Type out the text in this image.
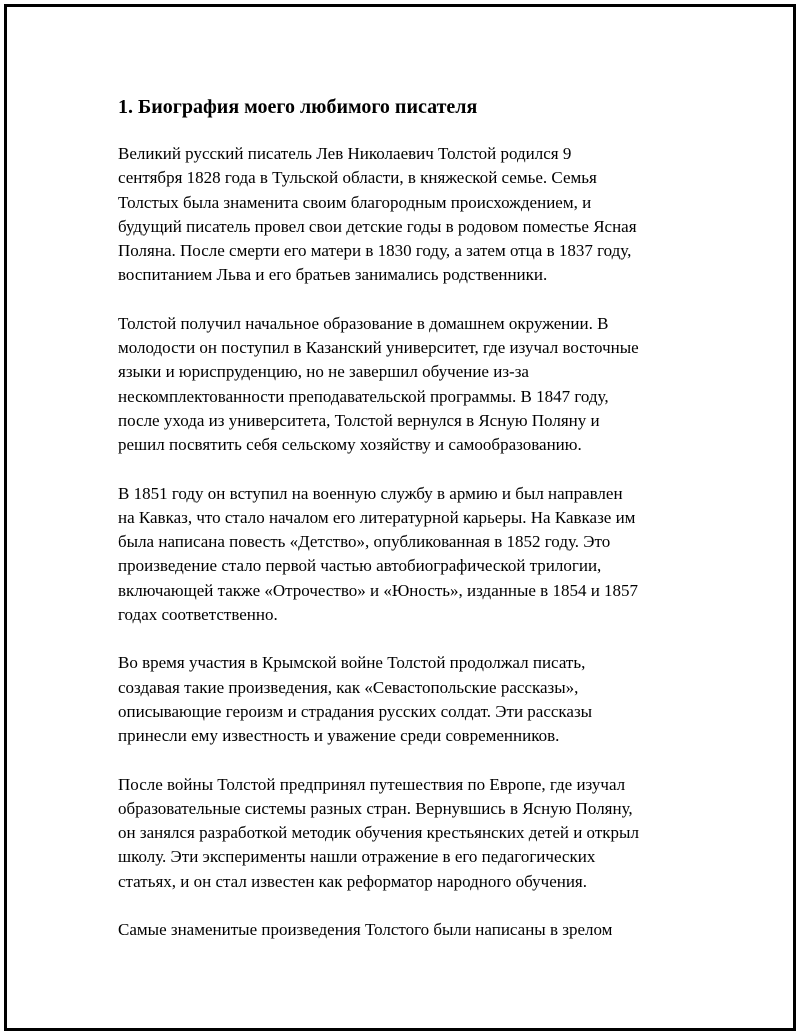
1. Биография моего любимого писателя

Великий русский писатель Лев Николаевич Толстой родился 9
сентября 1828 года в Тульской области, в княжеской семье. Семья
Толстых была знаменита своим благородным происхождением, и
будущий писатель провел свои детские годы в родовом поместье Ясная
Поляна. После смерти его матери в 1830 году, а затем отца в 1837 году,
воспитанием Льва и его братьев занимались родственники.

Толстой получил начальное образование в домашнем окружении. В
молодости он поступил в Казанский университет, где изучал восточные
языки и юриспруденцию, но не завершил обучение из-за
нескомплектованности преподавательской программы. В 1847 году,
после ухода из университета, Толстой вернулся в Ясную Поляну и
решил посвятить себя сельскому хозяйству и самообразованию.

В 1851 году он вступил на военную службу в армию и был направлен
на Кавказ, что стало началом его литературной карьеры. На Кавказе им
была написана повесть «Детство», опубликованная в 1852 году. Это
произведение стало первой частью автобиографической трилогии,
включающей также «Отрочество» и «Юность», изданные в 1854 и 1857
годах соответственно.

Во время участия в Крымской войне Толстой продолжал писать,
создавая такие произведения, как «Севастопольские рассказы»,
описывающие героизм и страдания русских солдат. Эти рассказы
принесли ему известность и уважение среди современников.

После войны Толстой предпринял путешествия по Европе, где изучал
образовательные системы разных стран. Вернувшись в Ясную Поляну,
он занялся разработкой методик обучения крестьянских детей и открыл
школу. Эти эксперименты нашли отражение в его педагогических
статьях, и он стал известен как реформатор народного обучения.

Самые знаменитые произведения Толстого были написаны в зрелом
